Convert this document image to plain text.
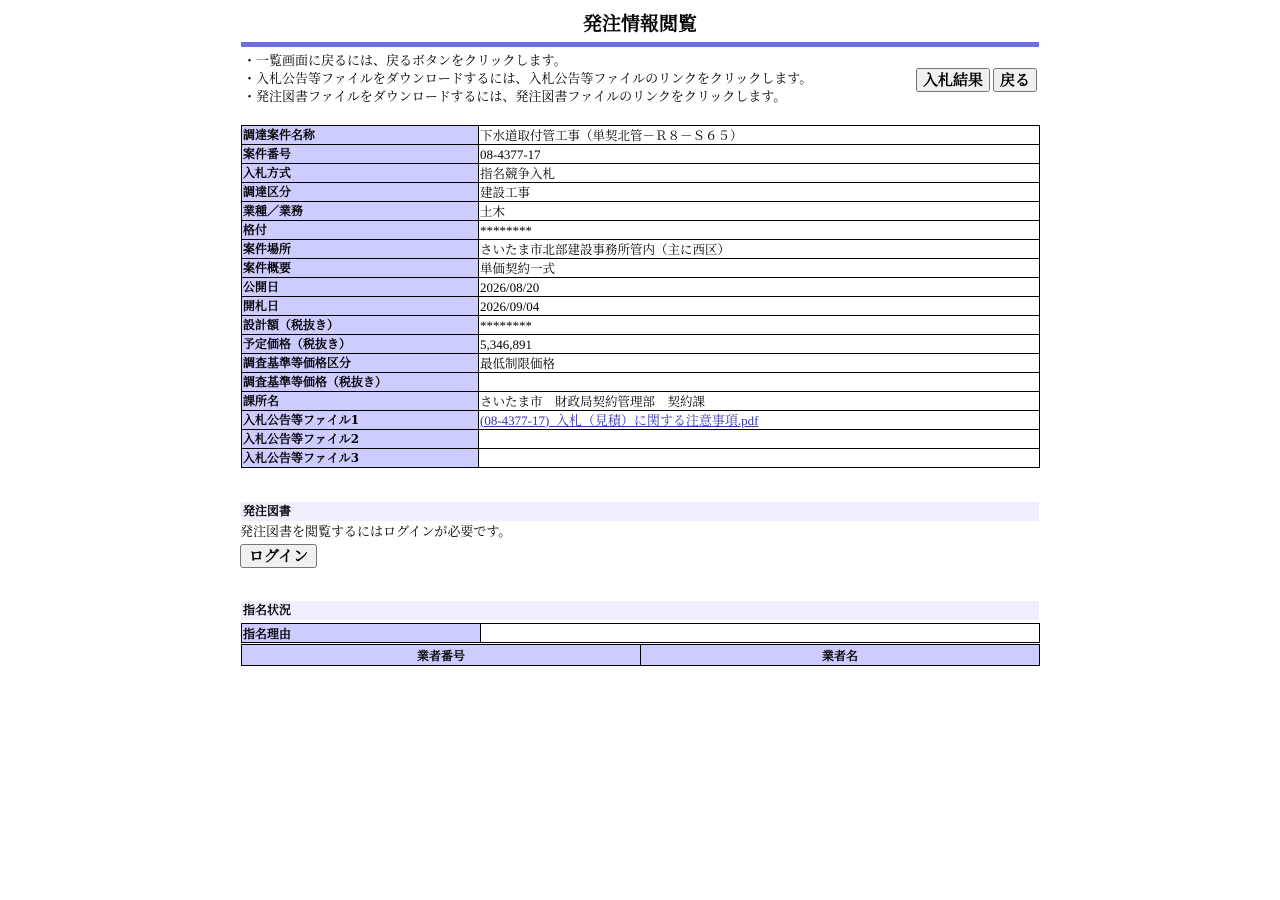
発注情報閲覧
・一覧画面に戻るには、戻るボタンをクリックします。
・入札公告等ファイルをダウンロードするには、入札公告等ファイルのリンクをクリックします。
・発注図書ファイルをダウンロードするには、発注図書ファイルのリンクをクリックします。
入札結果	戻る
調達案件名称	下水道取付管工事（単契北管－Ｒ８－Ｓ６５）
案件番号	08-4377-17
入札方式	指名競争入札
調達区分	建設工事
業種／業務	土木
格付	********
案件場所	さいたま市北部建設事務所管内（主に西区）
案件概要	単価契約一式
公開日	2026/08/20
開札日	2026/09/04
設計額（税抜き）	********
予定価格（税抜き）	5,346,891
調査基準等価格区分	最低制限価格
調査基準等価格（税抜き）	
課所名	さいたま市　財政局契約管理部　契約課
入札公告等ファイル1	(08-4377-17)_入札（見積）に関する注意事項.pdf
入札公告等ファイル2	
入札公告等ファイル3	
発注図書
発注図書を閲覧するにはログインが必要です。
ログイン
指名状況
指名理由	
業者番号	業者名
